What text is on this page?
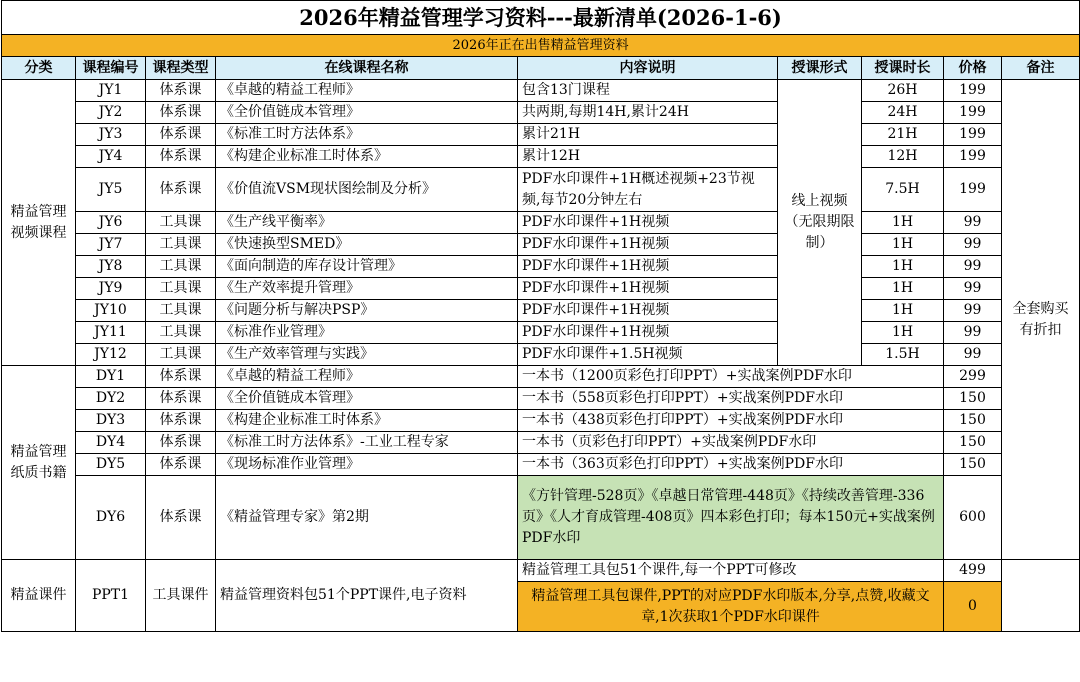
2026年精益管理学习资料---最新清单(2026-1-6)								
2026年正在出售精益管理资料								
分类	课程编号	课程类型	在线课程名称	内容说明	授课形式	授课时长	价格	备注
精益管理视频课程	JY1	体系课	《卓越的精益工程师》	包含13门课程	线上视频（无限期限制）	26H	199	全套购买有折扣
	JY2	体系课	《全价值链成本管理》	共两期,每期14H,累计24H		24H	199	
	JY3	体系课	《标准工时方法体系》	累计21H		21H	199	
	JY4	体系课	《构建企业标准工时体系》	累计12H		12H	199	
	JY5	体系课	《价值流VSM现状图绘制及分析》	PDF水印课件+1H概述视频+23节视频,每节20分钟左右		7.5H	199	
	JY6	工具课	《生产线平衡率》	PDF水印课件+1H视频		1H	99	
	JY7	工具课	《快速换型SMED》	PDF水印课件+1H视频		1H	99	
	JY8	工具课	《面向制造的库存设计管理》	PDF水印课件+1H视频		1H	99	
	JY9	工具课	《生产效率提升管理》	PDF水印课件+1H视频		1H	99	
	JY10	工具课	《问题分析与解决PSP》	PDF水印课件+1H视频		1H	99	
	JY11	工具课	《标准作业管理》	PDF水印课件+1H视频		1H	99	
	JY12	工具课	《生产效率管理与实践》	PDF水印课件+1.5H视频		1.5H	99	
精益管理纸质书籍	DY1	体系课	《卓越的精益工程师》	一本书（1200页彩色打印PPT）+实战案例PDF水印			299	
	DY2	体系课	《全价值链成本管理》	一本书（558页彩色打印PPT）+实战案例PDF水印			150	
	DY3	体系课	《构建企业标准工时体系》	一本书（438页彩色打印PPT）+实战案例PDF水印			150	
	DY4	体系课	《标准工时方法体系》-工业工程专家	一本书（页彩色打印PPT）+实战案例PDF水印			150	
	DY5	体系课	《现场标准作业管理》	一本书（363页彩色打印PPT）+实战案例PDF水印			150	
	DY6	体系课	《精益管理专家》第2期	《方针管理-528页》《卓越日常管理-448页》《持续改善管理-336页》《人才育成管理-408页》四本彩色打印；每本150元+实战案例PDF水印			600	
精益课件	PPT1	工具课件	精益管理资料包51个PPT课件,电子资料	精益管理工具包51个课件,每一个PPT可修改			499	
				精益管理工具包课件,PPT的对应PDF水印版本,分享,点赞,收藏文章,1次获取1个PDF水印课件			0	
